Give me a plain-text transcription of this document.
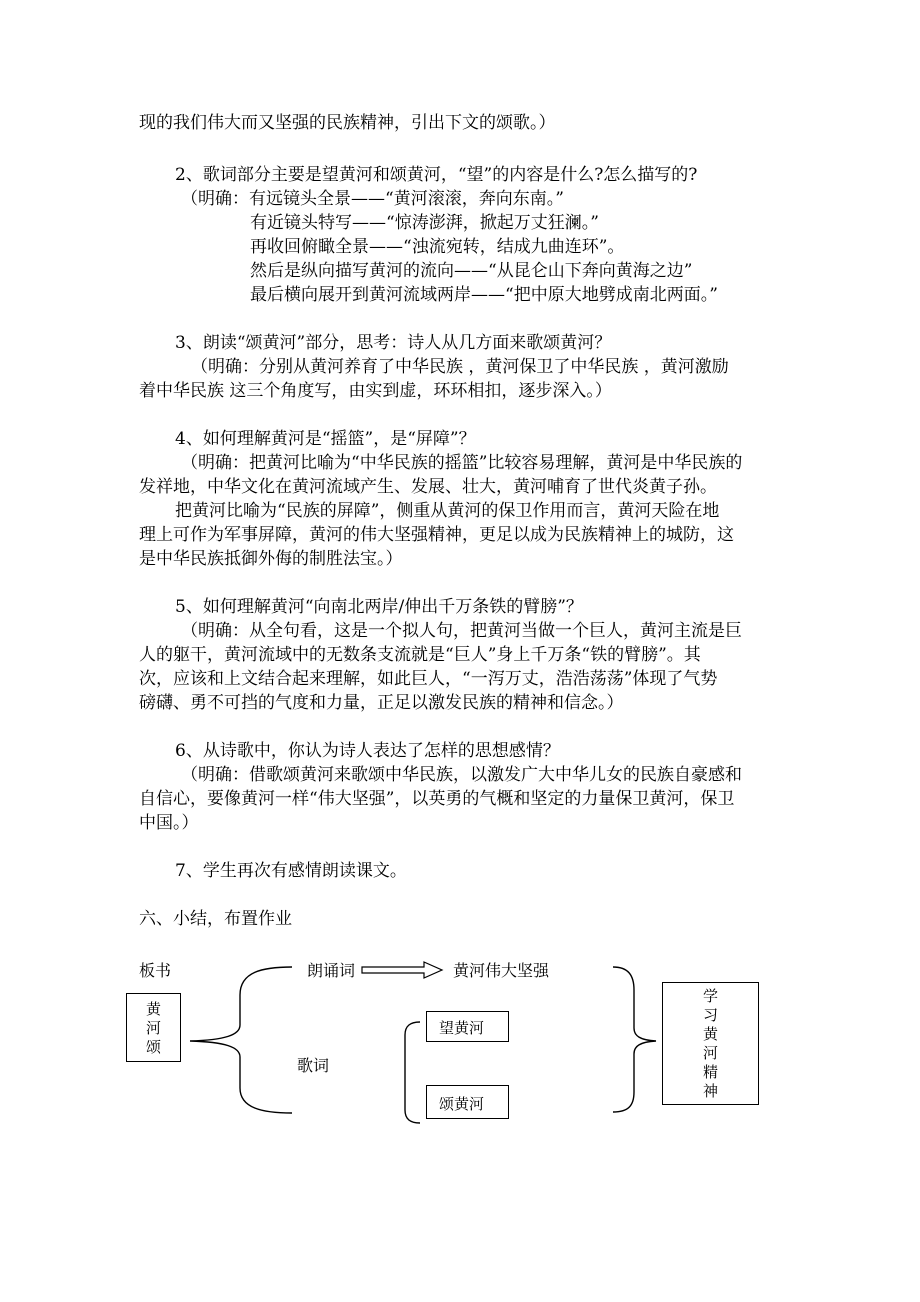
现的我们伟大而又坚强的民族精神，引出下文的颂歌。）
2、歌词部分主要是望黄河和颂黄河，“望”的内容是什么?怎么描写的?
（明确：有远镜头全景——“黄河滚滚，奔向东南。”
有近镜头特写——“惊涛澎湃，掀起万丈狂澜。”
再收回俯瞰全景——“浊流宛转，结成九曲连环”。
然后是纵向描写黄河的流向——“从昆仑山下奔向黄海之边”
最后横向展开到黄河流域两岸——“把中原大地劈成南北两面。”
3、朗读“颂黄河”部分，思考：诗人从几方面来歌颂黄河？
（明确：分别从黄河养育了中华民族 ，黄河保卫了中华民族 ，黄河激励
着中华民族 这三个角度写，由实到虚，环环相扣，逐步深入。）
4、如何理解黄河是“摇篮”，是“屏障”？
（明确：把黄河比喻为“中华民族的摇篮”比较容易理解，黄河是中华民族的
发祥地，中华文化在黄河流域产生、发展、壮大，黄河哺育了世代炎黄子孙。
把黄河比喻为“民族的屏障”，侧重从黄河的保卫作用而言，黄河天险在地
理上可作为军事屏障，黄河的伟大坚强精神，更足以成为民族精神上的城防，这
是中华民族抵御外侮的制胜法宝。）
5、如何理解黄河“向南北两岸/伸出千万条铁的臂膀”？
（明确：从全句看，这是一个拟人句，把黄河当做一个巨人，黄河主流是巨
人的躯干，黄河流域中的无数条支流就是“巨人”身上千万条“铁的臂膀”。其
次，应该和上文结合起来理解，如此巨人，“一泻万丈，浩浩荡荡”体现了气势
磅礴、勇不可挡的气度和力量，正足以激发民族的精神和信念。）
6、从诗歌中，你认为诗人表达了怎样的思想感情？
（明确：借歌颂黄河来歌颂中华民族，以激发广大中华儿女的民族自豪感和
自信心，要像黄河一样“伟大坚强”，以英勇的气概和坚定的力量保卫黄河，保卫
中国。）
7、学生再次有感情朗读课文。
六、小结，布置作业
板书
黄
河
颂
朗诵词	黄河伟大坚强
歌词
望黄河
颂黄河
学
习
黄
河
精
神
